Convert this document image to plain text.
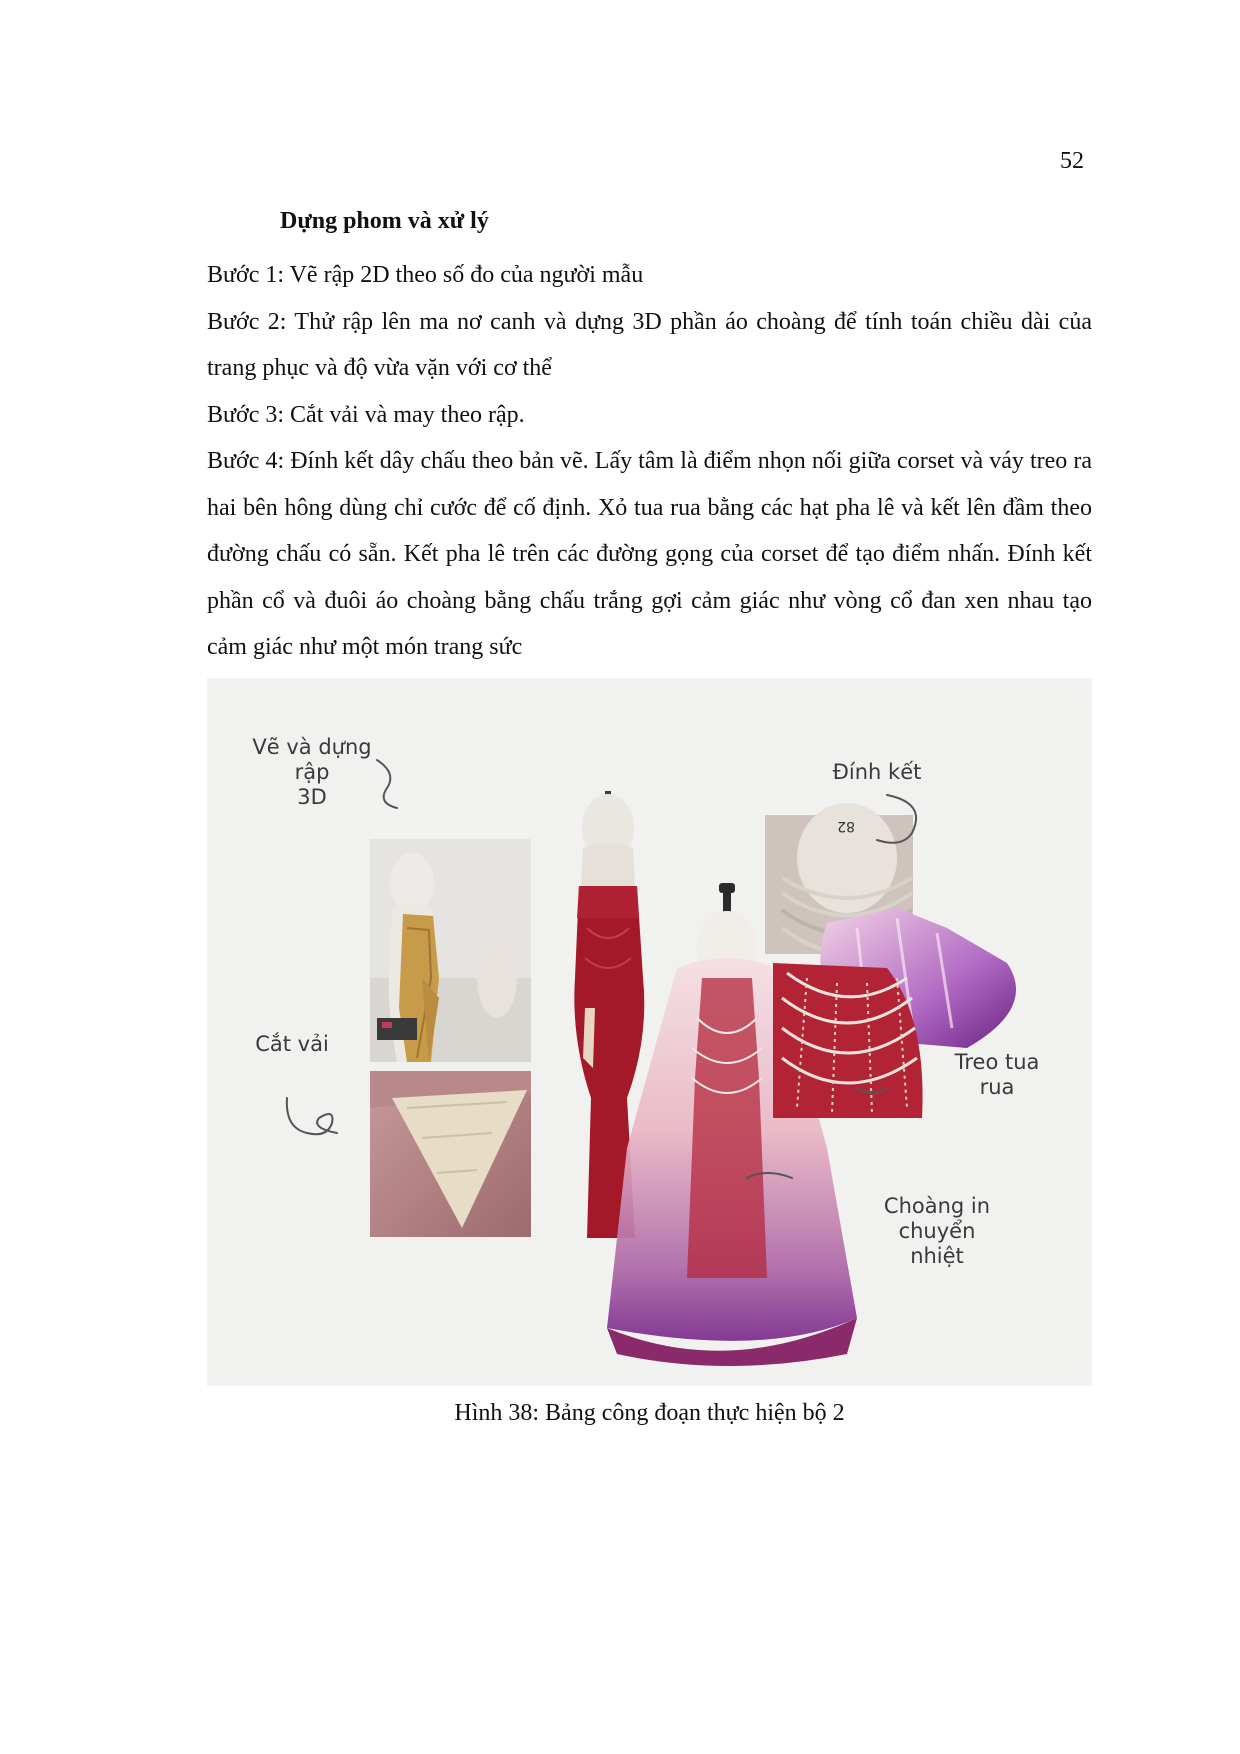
52
Dựng phom và xử lý

Bước 1: Vẽ rập 2D theo số đo của người mẫu

Bước 2: Thử rập lên ma nơ canh và dựng 3D phần áo choàng để tính toán chiều dài của trang phục và độ vừa vặn với cơ thể

Bước 3: Cắt vải và may theo rập.

Bước 4: Đính kết dây chấu theo bản vẽ. Lấy tâm là điểm nhọn nối giữa corset và váy treo ra hai bên hông dùng chỉ cước để cố định. Xỏ tua rua bằng các hạt pha lê và kết lên đầm theo đường chấu có sẵn. Kết pha lê trên các đường gọng của corset để tạo điểm nhấn. Đính kết phần cổ và đuôi áo choàng bằng chấu trắng gợi cảm giác như vòng cổ đan xen nhau tạo cảm giác như một món trang sức

82
Vẽ và dựng rập
3D
Cắt vải
Đính kết
Treo tua
rua
Choàng in
chuyển
nhiệt
Hình 38: Bảng công đoạn thực hiện bộ 2
